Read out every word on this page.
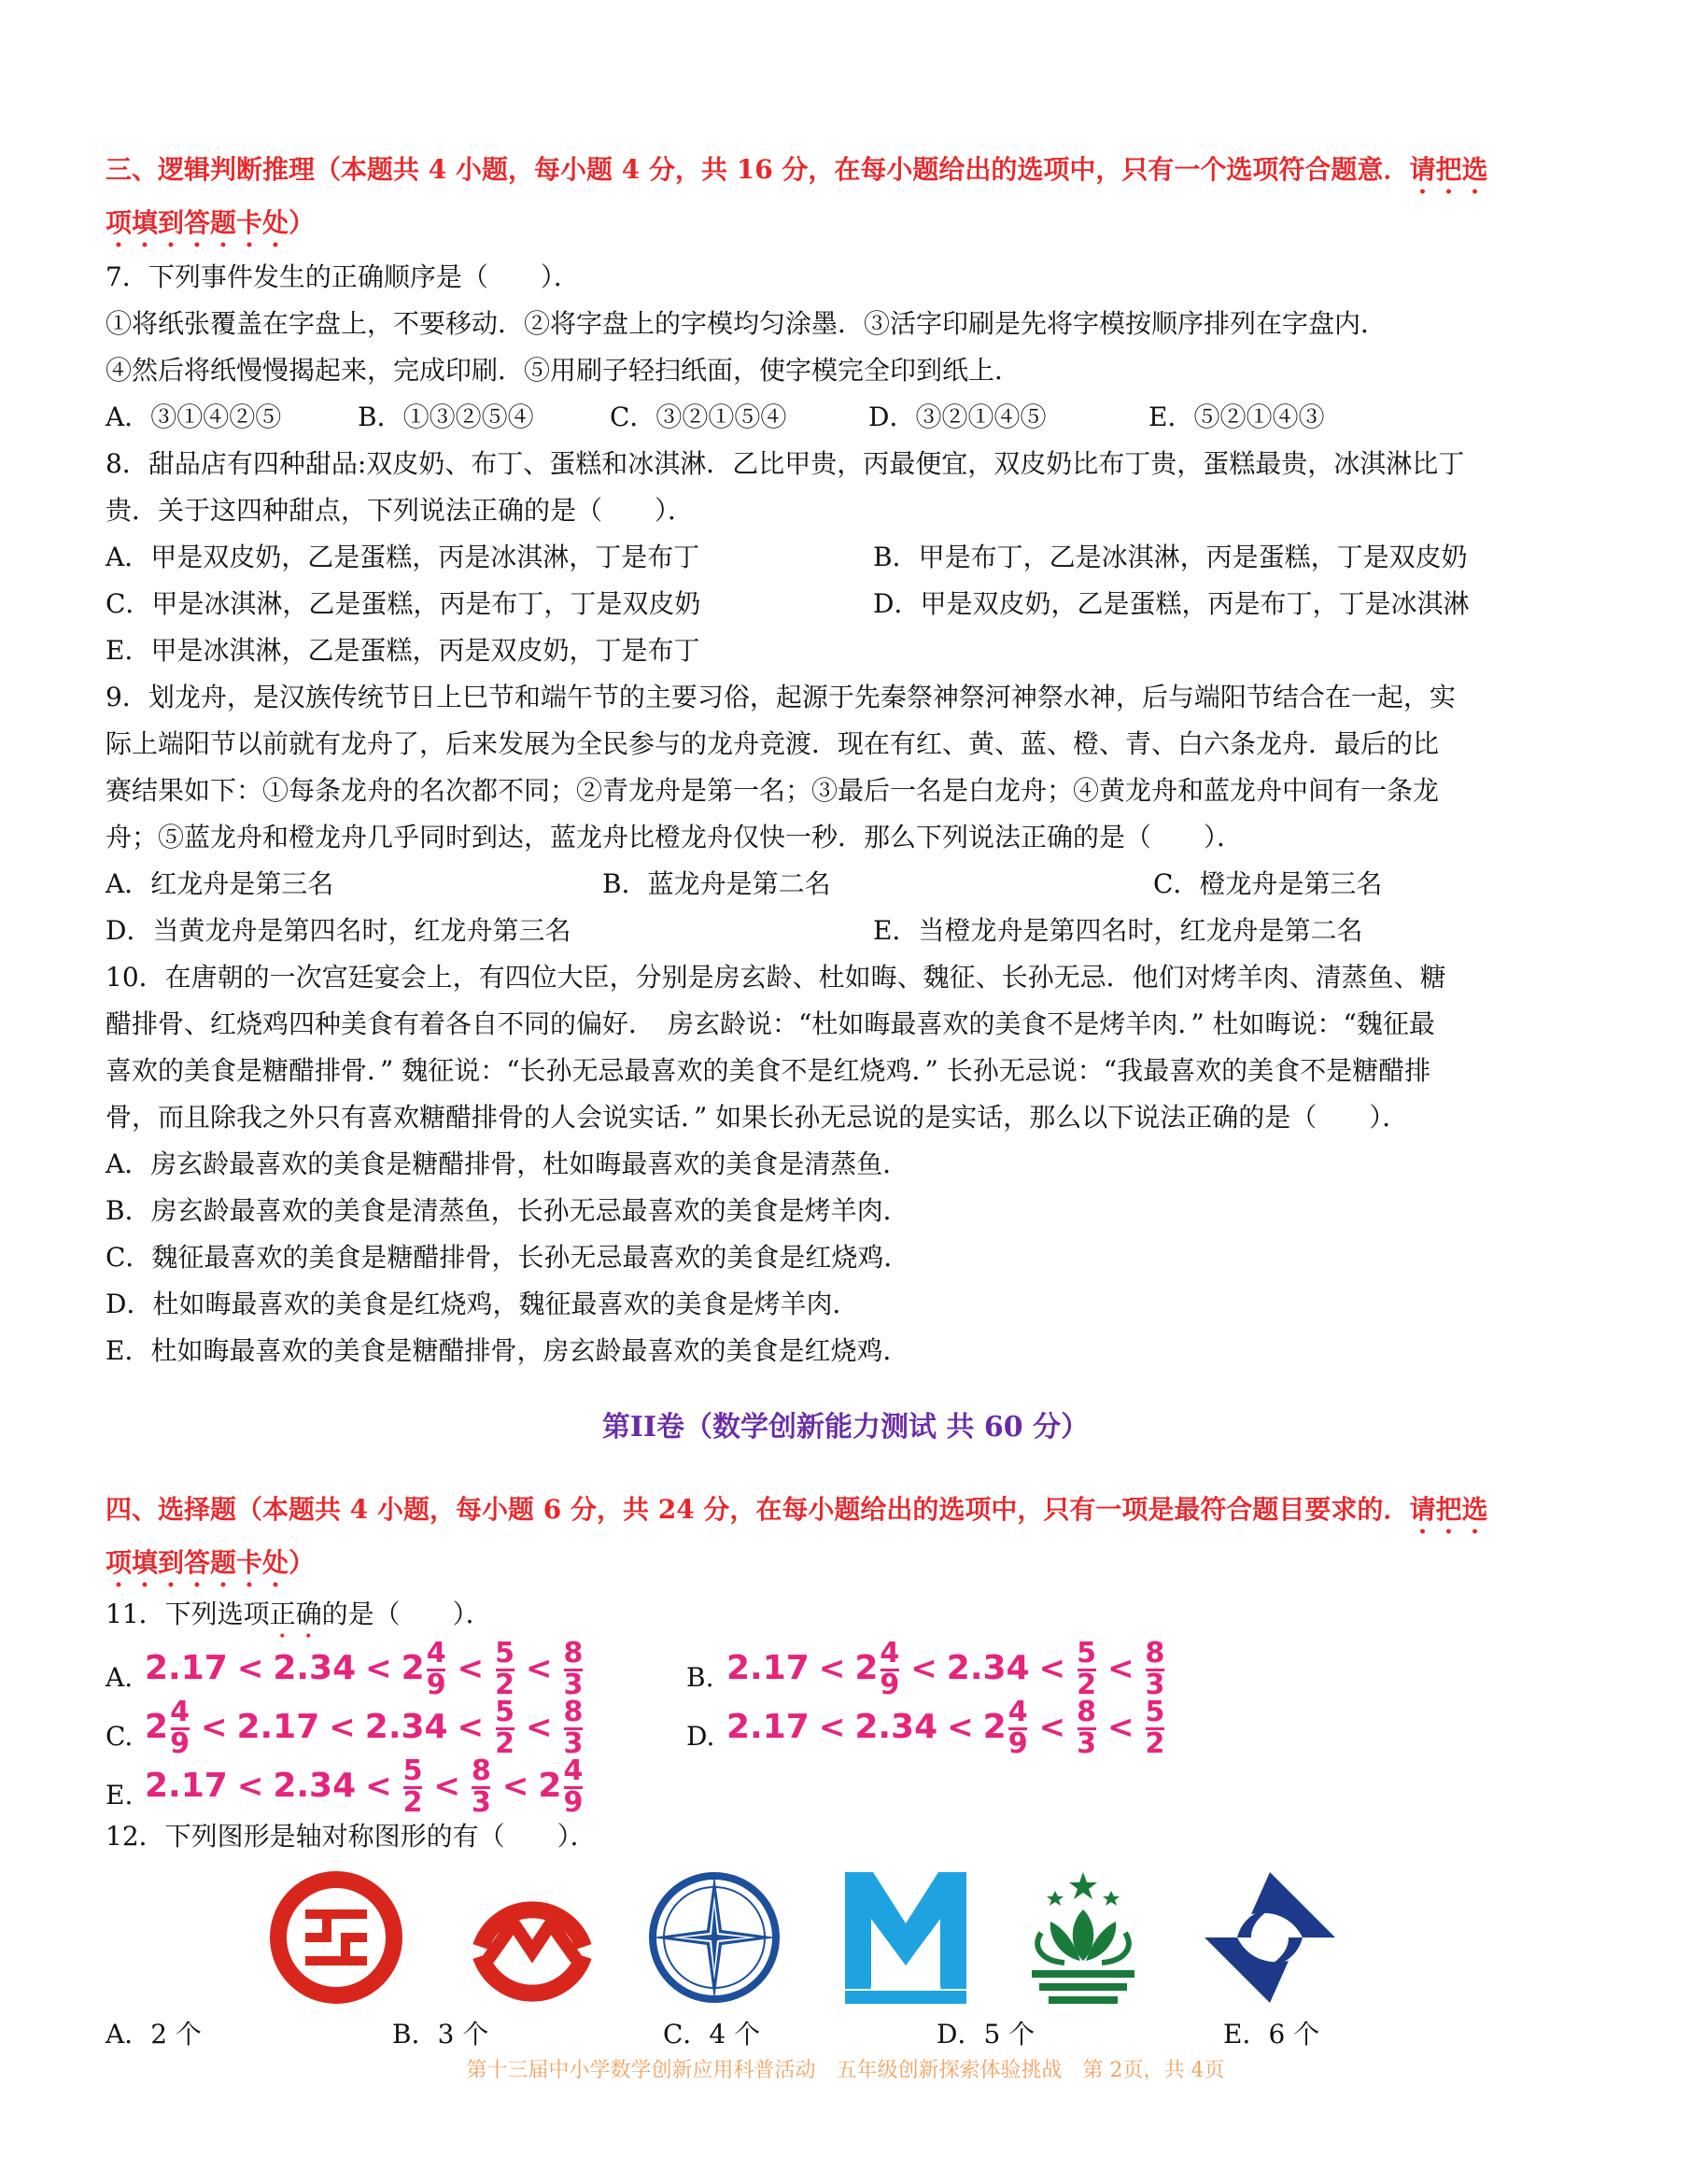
三、逻辑判断推理（本题共 4 小题，每小题 4 分，共 16 分，在每小题给出的选项中，只有一个选项符合题意．请把选
项填到答题卡处）
7．下列事件发生的正确顺序是（　　）．
①将纸张覆盖在字盘上，不要移动．②将字盘上的字模均匀涂墨．③活字印刷是先将字模按顺序排列在字盘内．
④然后将纸慢慢揭起来，完成印刷．⑤用刷子轻扫纸面，使字模完全印到纸上．
A．③①④②⑤	B．①③②⑤④	C．③②①⑤④	D．③②①④⑤	E．⑤②①④③
8．甜品店有四种甜品:双皮奶、布丁、蛋糕和冰淇淋．乙比甲贵，丙最便宜，双皮奶比布丁贵，蛋糕最贵，冰淇淋比丁
贵．关于这四种甜点，下列说法正确的是（　　）．
A．甲是双皮奶，乙是蛋糕，丙是冰淇淋，丁是布丁	B．甲是布丁，乙是冰淇淋，丙是蛋糕，丁是双皮奶
C．甲是冰淇淋，乙是蛋糕，丙是布丁，丁是双皮奶	D．甲是双皮奶，乙是蛋糕，丙是布丁，丁是冰淇淋
E．甲是冰淇淋，乙是蛋糕，丙是双皮奶，丁是布丁
9．划龙舟，是汉族传统节日上巳节和端午节的主要习俗，起源于先秦祭神祭河神祭水神，后与端阳节结合在一起，实
际上端阳节以前就有龙舟了，后来发展为全民参与的龙舟竞渡．现在有红、黄、蓝、橙、青、白六条龙舟．最后的比
赛结果如下：①每条龙舟的名次都不同；②青龙舟是第一名；③最后一名是白龙舟；④黄龙舟和蓝龙舟中间有一条龙
舟；⑤蓝龙舟和橙龙舟几乎同时到达，蓝龙舟比橙龙舟仅快一秒．那么下列说法正确的是（　　）．
A．红龙舟是第三名	B．蓝龙舟是第二名	C．橙龙舟是第三名
D．当黄龙舟是第四名时，红龙舟第三名	E．当橙龙舟是第四名时，红龙舟是第二名
10．在唐朝的一次宫廷宴会上，有四位大臣，分别是房玄龄、杜如晦、魏征、长孙无忌．他们对烤羊肉、清蒸鱼、糖
醋排骨、红烧鸡四种美食有着各自不同的偏好．　房玄龄说：“杜如晦最喜欢的美食不是烤羊肉．” 杜如晦说：“魏征最
喜欢的美食是糖醋排骨．” 魏征说：“长孙无忌最喜欢的美食不是红烧鸡．” 长孙无忌说：“我最喜欢的美食不是糖醋排
骨，而且除我之外只有喜欢糖醋排骨的人会说实话．” 如果长孙无忌说的是实话，那么以下说法正确的是（　　）．
A．房玄龄最喜欢的美食是糖醋排骨，杜如晦最喜欢的美食是清蒸鱼．
B．房玄龄最喜欢的美食是清蒸鱼，长孙无忌最喜欢的美食是烤羊肉．
C．魏征最喜欢的美食是糖醋排骨，长孙无忌最喜欢的美食是红烧鸡．
D．杜如晦最喜欢的美食是红烧鸡，魏征最喜欢的美食是烤羊肉．
E．杜如晦最喜欢的美食是糖醋排骨，房玄龄最喜欢的美食是红烧鸡．
第II卷（数学创新能力测试 共 60 分）
四、选择题（本题共 4 小题，每小题 6 分，共 24 分，在每小题给出的选项中，只有一项是最符合题目要求的．请把选
项填到答题卡处）
11．下列选项正确的是（　　）．
A. $2.17 < 2.34 < 2 \frac{4}{9} < \frac{5}{2} < \frac{8}{3}$	B. $2.17 < 2 \frac{4}{9} < 2.34 < \frac{5}{2} < \frac{8}{3}$
C. $2 \frac{4}{9} < 2.17 < 2.34 < \frac{5}{2} < \frac{8}{3}$	D. $2.17 < 2.34 < 2 \frac{4}{9} < \frac{8}{3} < \frac{5}{2}$
E. $2.17 < 2.34 < \frac{5}{2} < \frac{8}{3} < 2 \frac{4}{9}$
12．下列图形是轴对称图形的有（　　）．
A．2 个	B．3 个	C．4 个	D．5 个	E．6 个
第十三届中小学数学创新应用科普活动　五年级创新探索体验挑战　第 2页，共 4页
